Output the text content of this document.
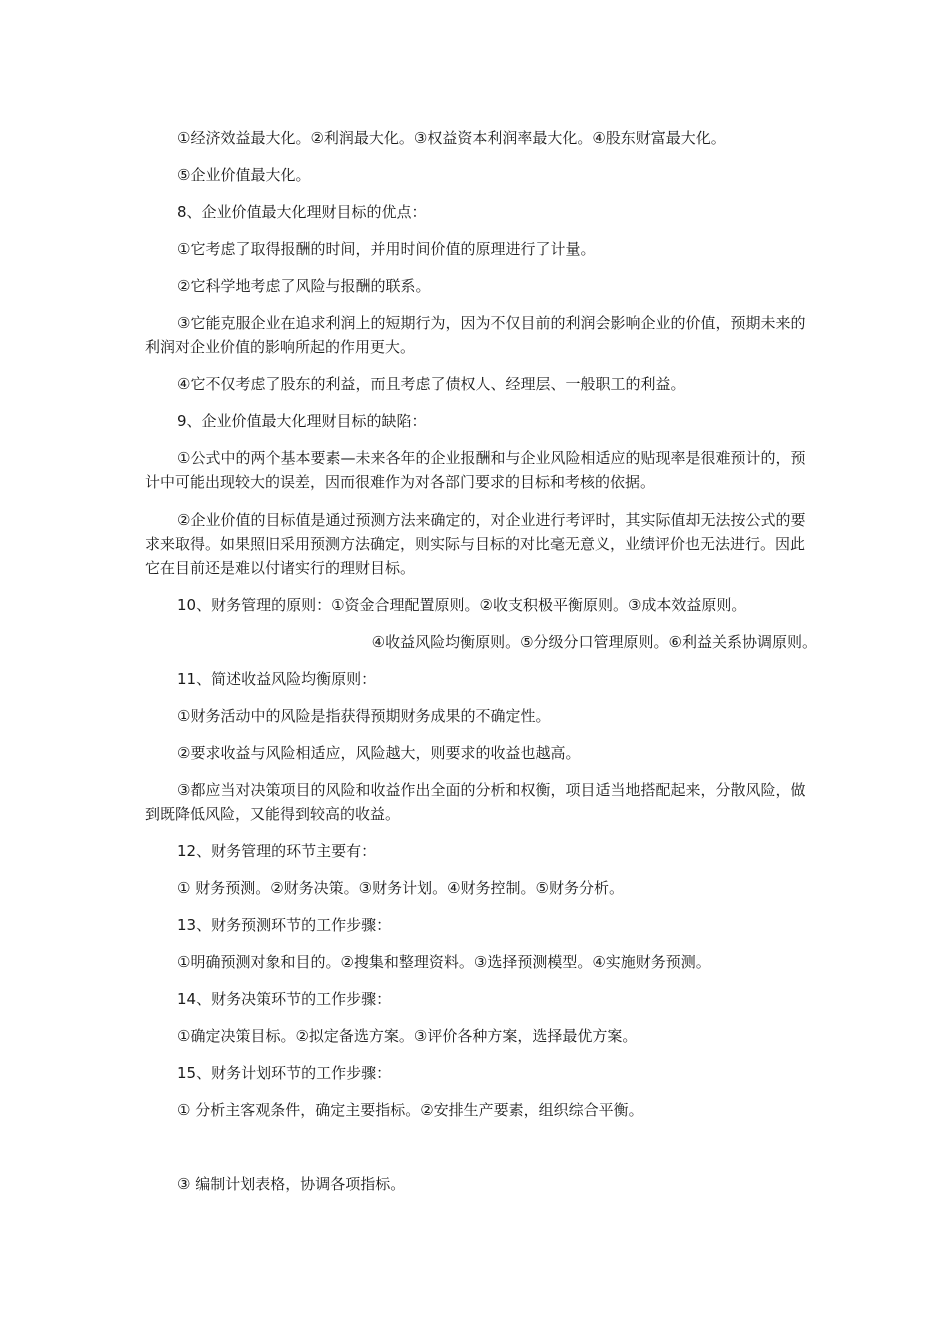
①经济效益最大化。②利润最大化。③权益资本利润率最大化。④股东财富最大化。

⑤企业价值最大化。

8、企业价值最大化理财目标的优点：

①它考虑了取得报酬的时间，并用时间价值的原理进行了计量。

②它科学地考虑了风险与报酬的联系。

③它能克服企业在追求利润上的短期行为，因为不仅目前的利润会影响企业的价值，预期未来的利润对企业价值的影响所起的作用更大。

④它不仅考虑了股东的利益，而且考虑了债权人、经理层、一般职工的利益。

9、企业价值最大化理财目标的缺陷：

①公式中的两个基本要素—未来各年的企业报酬和与企业风险相适应的贴现率是很难预计的，预计中可能出现较大的误差，因而很难作为对各部门要求的目标和考核的依据。

②企业价值的目标值是通过预测方法来确定的，对企业进行考评时，其实际值却无法按公式的要求来取得。如果照旧采用预测方法确定，则实际与目标的对比毫无意义，业绩评价也无法进行。因此它在目前还是难以付诸实行的理财目标。

10、财务管理的原则：①资金合理配置原则。②收支积极平衡原则。③成本效益原则。

④收益风险均衡原则。⑤分级分口管理原则。⑥利益关系协调原则。

11、简述收益风险均衡原则：

①财务活动中的风险是指获得预期财务成果的不确定性。

②要求收益与风险相适应，风险越大，则要求的收益也越高。

③都应当对决策项目的风险和收益作出全面的分析和权衡，项目适当地搭配起来，分散风险，做到既降低风险，又能得到较高的收益。

12、财务管理的环节主要有：

① 财务预测。②财务决策。③财务计划。④财务控制。⑤财务分析。

13、财务预测环节的工作步骤：

①明确预测对象和目的。②搜集和整理资料。③选择预测模型。④实施财务预测。

14、财务决策环节的工作步骤：

①确定决策目标。②拟定备选方案。③评价各种方案，选择最优方案。

15、财务计划环节的工作步骤：

① 分析主客观条件，确定主要指标。②安排生产要素，组织综合平衡。

③ 编制计划表格，协调各项指标。
